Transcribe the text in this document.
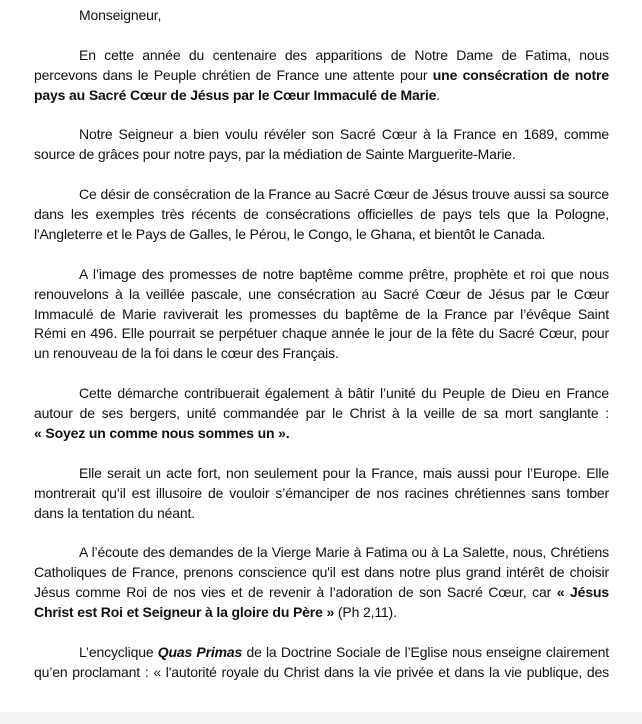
Monseigneur,
En cette année du centenaire des apparitions de Notre Dame de Fatima, nous
percevons dans le Peuple chrétien de France une attente pour une consécration de notre
pays au Sacré Cœur de Jésus par le Cœur Immaculé de Marie.
Notre Seigneur a bien voulu révéler son Sacré Cœur à la France en 1689, comme
source de grâces pour notre pays, par la médiation de Sainte Marguerite-Marie.
Ce désir de consécration de la France au Sacré Cœur de Jésus trouve aussi sa source
dans les exemples très récents de consécrations officielles de pays tels que la Pologne,
l'Angleterre et le Pays de Galles, le Pérou, le Congo, le Ghana, et bientôt le Canada.
A l’image des promesses de notre baptême comme prêtre, prophète et roi que nous
renouvelons à la veillée pascale, une consécration au Sacré Cœur de Jésus par le Cœur
Immaculé de Marie raviverait les promesses du baptême de la France par l’évêque Saint
Rémi en 496. Elle pourrait se perpétuer chaque année le jour de la fête du Sacré Cœur, pour
un renouveau de la foi dans le cœur des Français.
Cette démarche contribuerait également à bâtir l’unité du Peuple de Dieu en France
autour de ses bergers, unité commandée par le Christ à la veille de sa mort sanglante :
« Soyez un comme nous sommes un ».
Elle serait un acte fort, non seulement pour la France, mais aussi pour l’Europe. Elle
montrerait qu’il est illusoire de vouloir s’émanciper de nos racines chrétiennes sans tomber
dans la tentation du néant.
A l’écoute des demandes de la Vierge Marie à Fatima ou à La Salette, nous, Chrétiens
Catholiques de France, prenons conscience qu'il est dans notre plus grand intérêt de choisir
Jésus comme Roi de nos vies et de revenir à l’adoration de son Sacré Cœur, car « Jésus
Christ est Roi et Seigneur à la gloire du Père » (Ph 2,11).
L’encyclique Quas Primas de la Doctrine Sociale de l’Eglise nous enseigne clairement
qu’en proclamant : « l'autorité royale du Christ dans la vie privée et dans la vie publique, des
